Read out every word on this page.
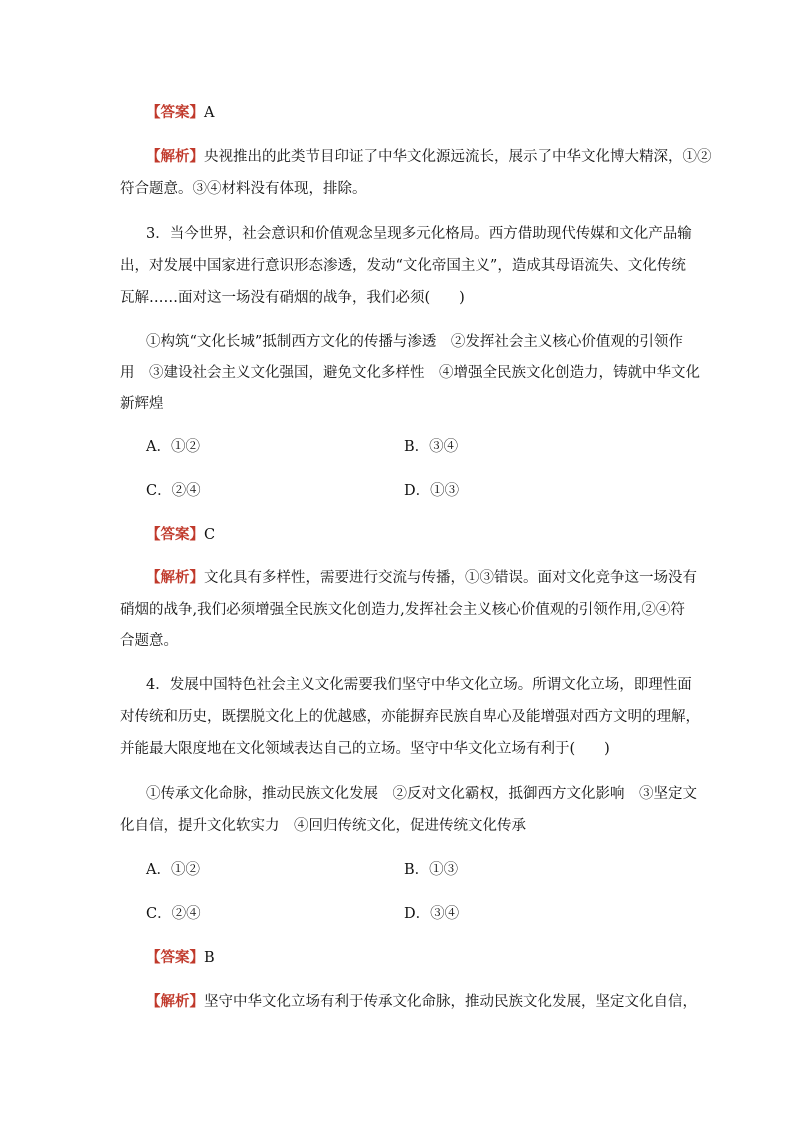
【答案】A
【解析】央视推出的此类节目印证了中华文化源远流长，展示了中华文化博大精深，①②
符合题意。③④材料没有体现，排除。
3．当今世界，社会意识和价值观念呈现多元化格局。西方借助现代传媒和文化产品输
出，对发展中国家进行意识形态渗透，发动“文化帝国主义”，造成其母语流失、文化传统
瓦解……面对这一场没有硝烟的战争，我们必须(　　)
①构筑“文化长城”抵制西方文化的传播与渗透　②发挥社会主义核心价值观的引领作
用　③建设社会主义文化强国，避免文化多样性　④增强全民族文化创造力，铸就中华文化
新辉煌
A．①②	B．③④
C．②④	D．①③
【答案】C
【解析】文化具有多样性，需要进行交流与传播，①③错误。面对文化竞争这一场没有
硝烟的战争,我们必须增强全民族文化创造力,发挥社会主义核心价值观的引领作用,②④符
合题意。
4．发展中国特色社会主义文化需要我们坚守中华文化立场。所谓文化立场，即理性面
对传统和历史，既摆脱文化上的优越感，亦能摒弃民族自卑心及能增强对西方文明的理解，
并能最大限度地在文化领域表达自己的立场。坚守中华文化立场有利于(　　)
①传承文化命脉，推动民族文化发展　②反对文化霸权，抵御西方文化影响　③坚定文
化自信，提升文化软实力　④回归传统文化，促进传统文化传承
A．①②	B．①③
C．②④	D．③④
【答案】B
【解析】坚守中华文化立场有利于传承文化命脉，推动民族文化发展，坚定文化自信，
